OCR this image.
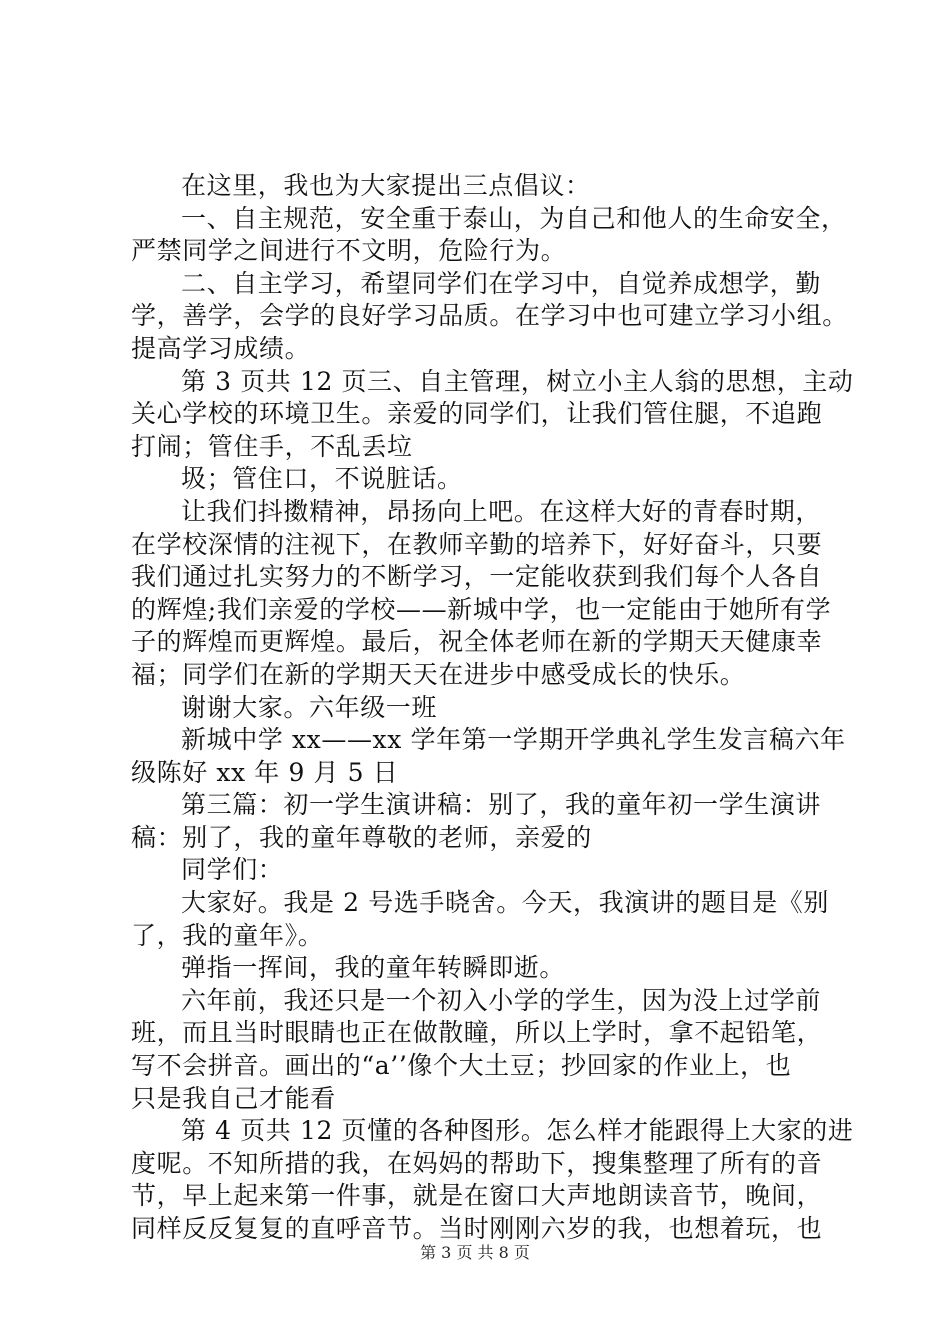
在这里，我也为大家提出三点倡议：
一、自主规范，安全重于泰山，为自己和他人的生命安全，
严禁同学之间进行不文明，危险行为。
二、自主学习，希望同学们在学习中，自觉养成想学，勤
学，善学，会学的良好学习品质。在学习中也可建立学习小组。
提高学习成绩。
第 3 页共 12 页三、自主管理，树立小主人翁的思想，主动
关心学校的环境卫生。亲爱的同学们，让我们管住腿，不追跑
打闹；管住手，不乱丢垃
圾；管住口，不说脏话。
让我们抖擞精神，昂扬向上吧。在这样大好的青春时期，
在学校深情的注视下，在教师辛勤的培养下，好好奋斗，只要
我们通过扎实努力的不断学习，一定能收获到我们每个人各自
的辉煌;我们亲爱的学校——新城中学，也一定能由于她所有学
子的辉煌而更辉煌。最后，祝全体老师在新的学期天天健康幸
福；同学们在新的学期天天在进步中感受成长的快乐。
谢谢大家。六年级一班
新城中学 xx——xx 学年第一学期开学典礼学生发言稿六年
级陈好 xx 年 9 月 5 日
第三篇：初一学生演讲稿：别了，我的童年初一学生演讲
稿：别了，我的童年尊敬的老师，亲爱的
同学们：
大家好。我是 2 号选手晓舍。今天，我演讲的题目是《别
了，我的童年》。
弹指一挥间，我的童年转瞬即逝。
六年前，我还只是一个初入小学的学生，因为没上过学前
班，而且当时眼睛也正在做散瞳，所以上学时，拿不起铅笔，
写不会拼音。画出的“a’’像个大土豆；抄回家的作业上，也
只是我自己才能看
第 4 页共 12 页懂的各种图形。怎么样才能跟得上大家的进
度呢。不知所措的我，在妈妈的帮助下，搜集整理了所有的音
节，早上起来第一件事，就是在窗口大声地朗读音节，晚间，
同样反反复复的直呼音节。当时刚刚六岁的我，也想着玩，也
第 3 页 共 8 页
